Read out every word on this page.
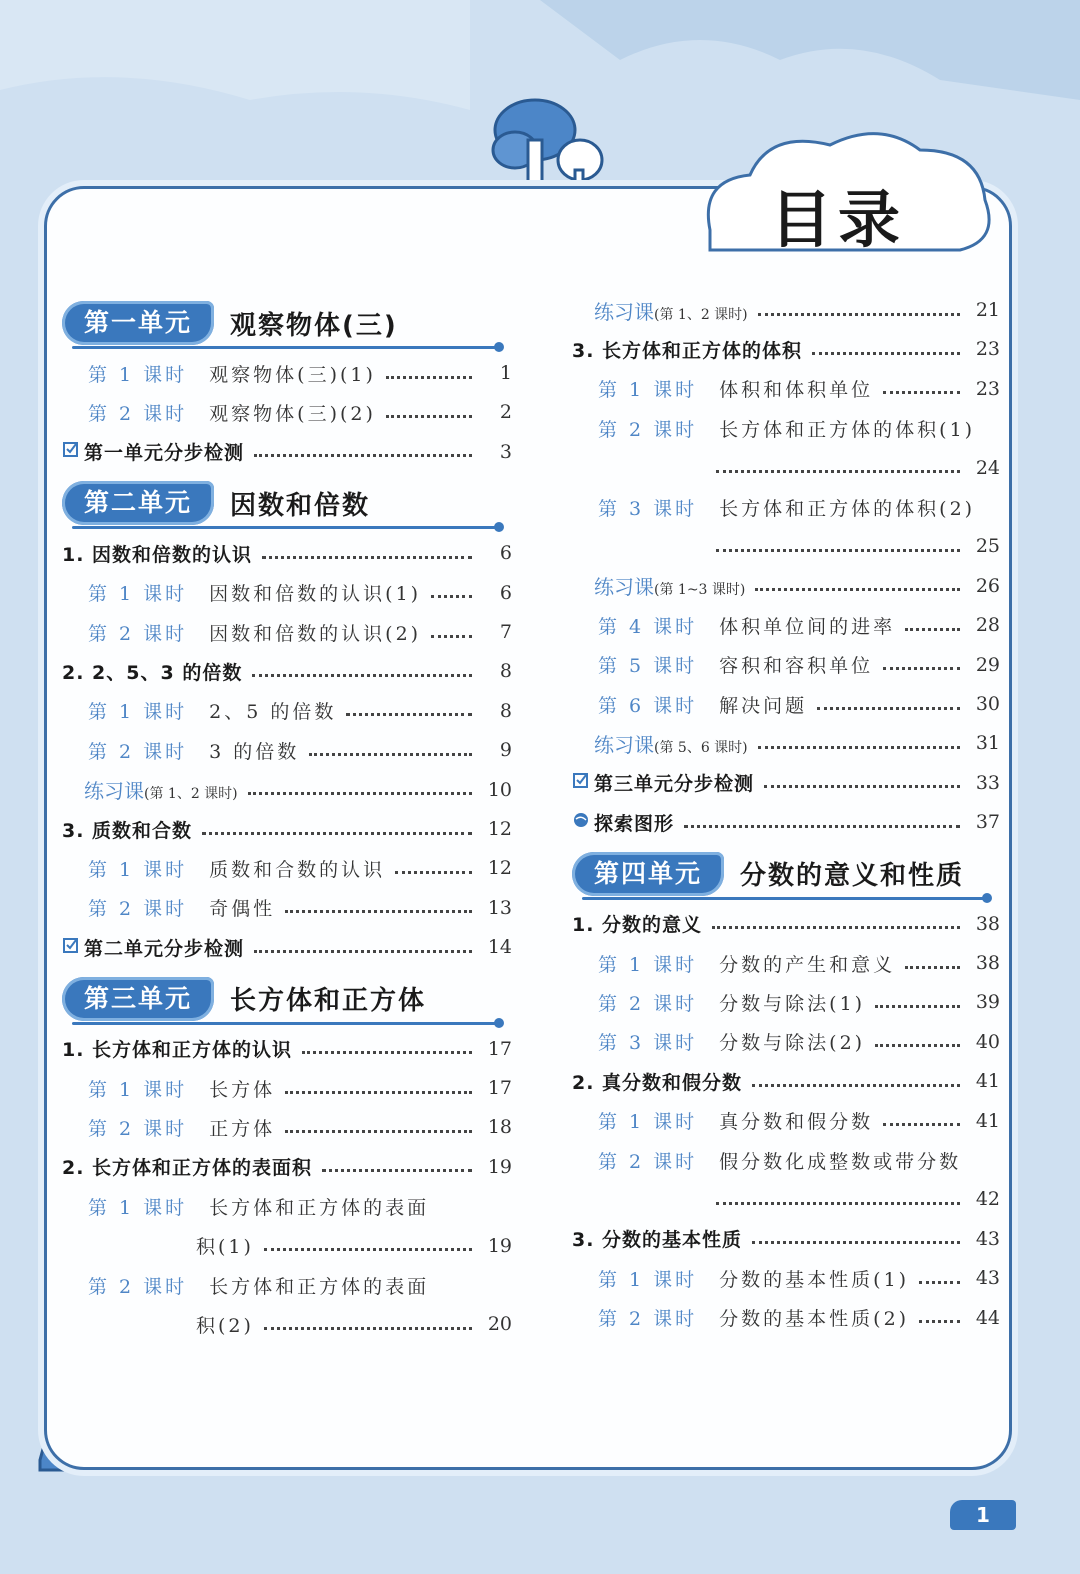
目录
第一单元	观察物体(三)
第 1 课时 观察物体(三)(1)	1
第 2 课时 观察物体(三)(2)	2
第一单元分步检测	3
第二单元	因数和倍数
1. 因数和倍数的认识	6
第 1 课时 因数和倍数的认识(1)	6
第 2 课时 因数和倍数的认识(2)	7
2. 2、5、3 的倍数	8
第 1 课时 2、5 的倍数	8
第 2 课时 3 的倍数	9
练习课(第 1、2 课时)	10
3. 质数和合数	12
第 1 课时 质数和合数的认识	12
第 2 课时 奇偶性	13
第二单元分步检测	14
第三单元	长方体和正方体
1. 长方体和正方体的认识	17
第 1 课时 长方体	17
第 2 课时 正方体	18
2. 长方体和正方体的表面积	19
第 1 课时 长方体和正方体的表面
积(1)	19
第 2 课时 长方体和正方体的表面
积(2)	20
练习课(第 1、2 课时)	21
3. 长方体和正方体的体积	23
第 1 课时 体积和体积单位	23
第 2 课时 长方体和正方体的体积(1)
24
第 3 课时 长方体和正方体的体积(2)
25
练习课(第 1~3 课时)	26
第 4 课时 体积单位间的进率	28
第 5 课时 容积和容积单位	29
第 6 课时 解决问题	30
练习课(第 5、6 课时)	31
第三单元分步检测	33
探索图形	37
第四单元	分数的意义和性质
1. 分数的意义	38
第 1 课时 分数的产生和意义	38
第 2 课时 分数与除法(1)	39
第 3 课时 分数与除法(2)	40
2. 真分数和假分数	41
第 1 课时 真分数和假分数	41
第 2 课时 假分数化成整数或带分数
42
3. 分数的基本性质	43
第 1 课时 分数的基本性质(1)	43
第 2 课时 分数的基本性质(2)	44
1
